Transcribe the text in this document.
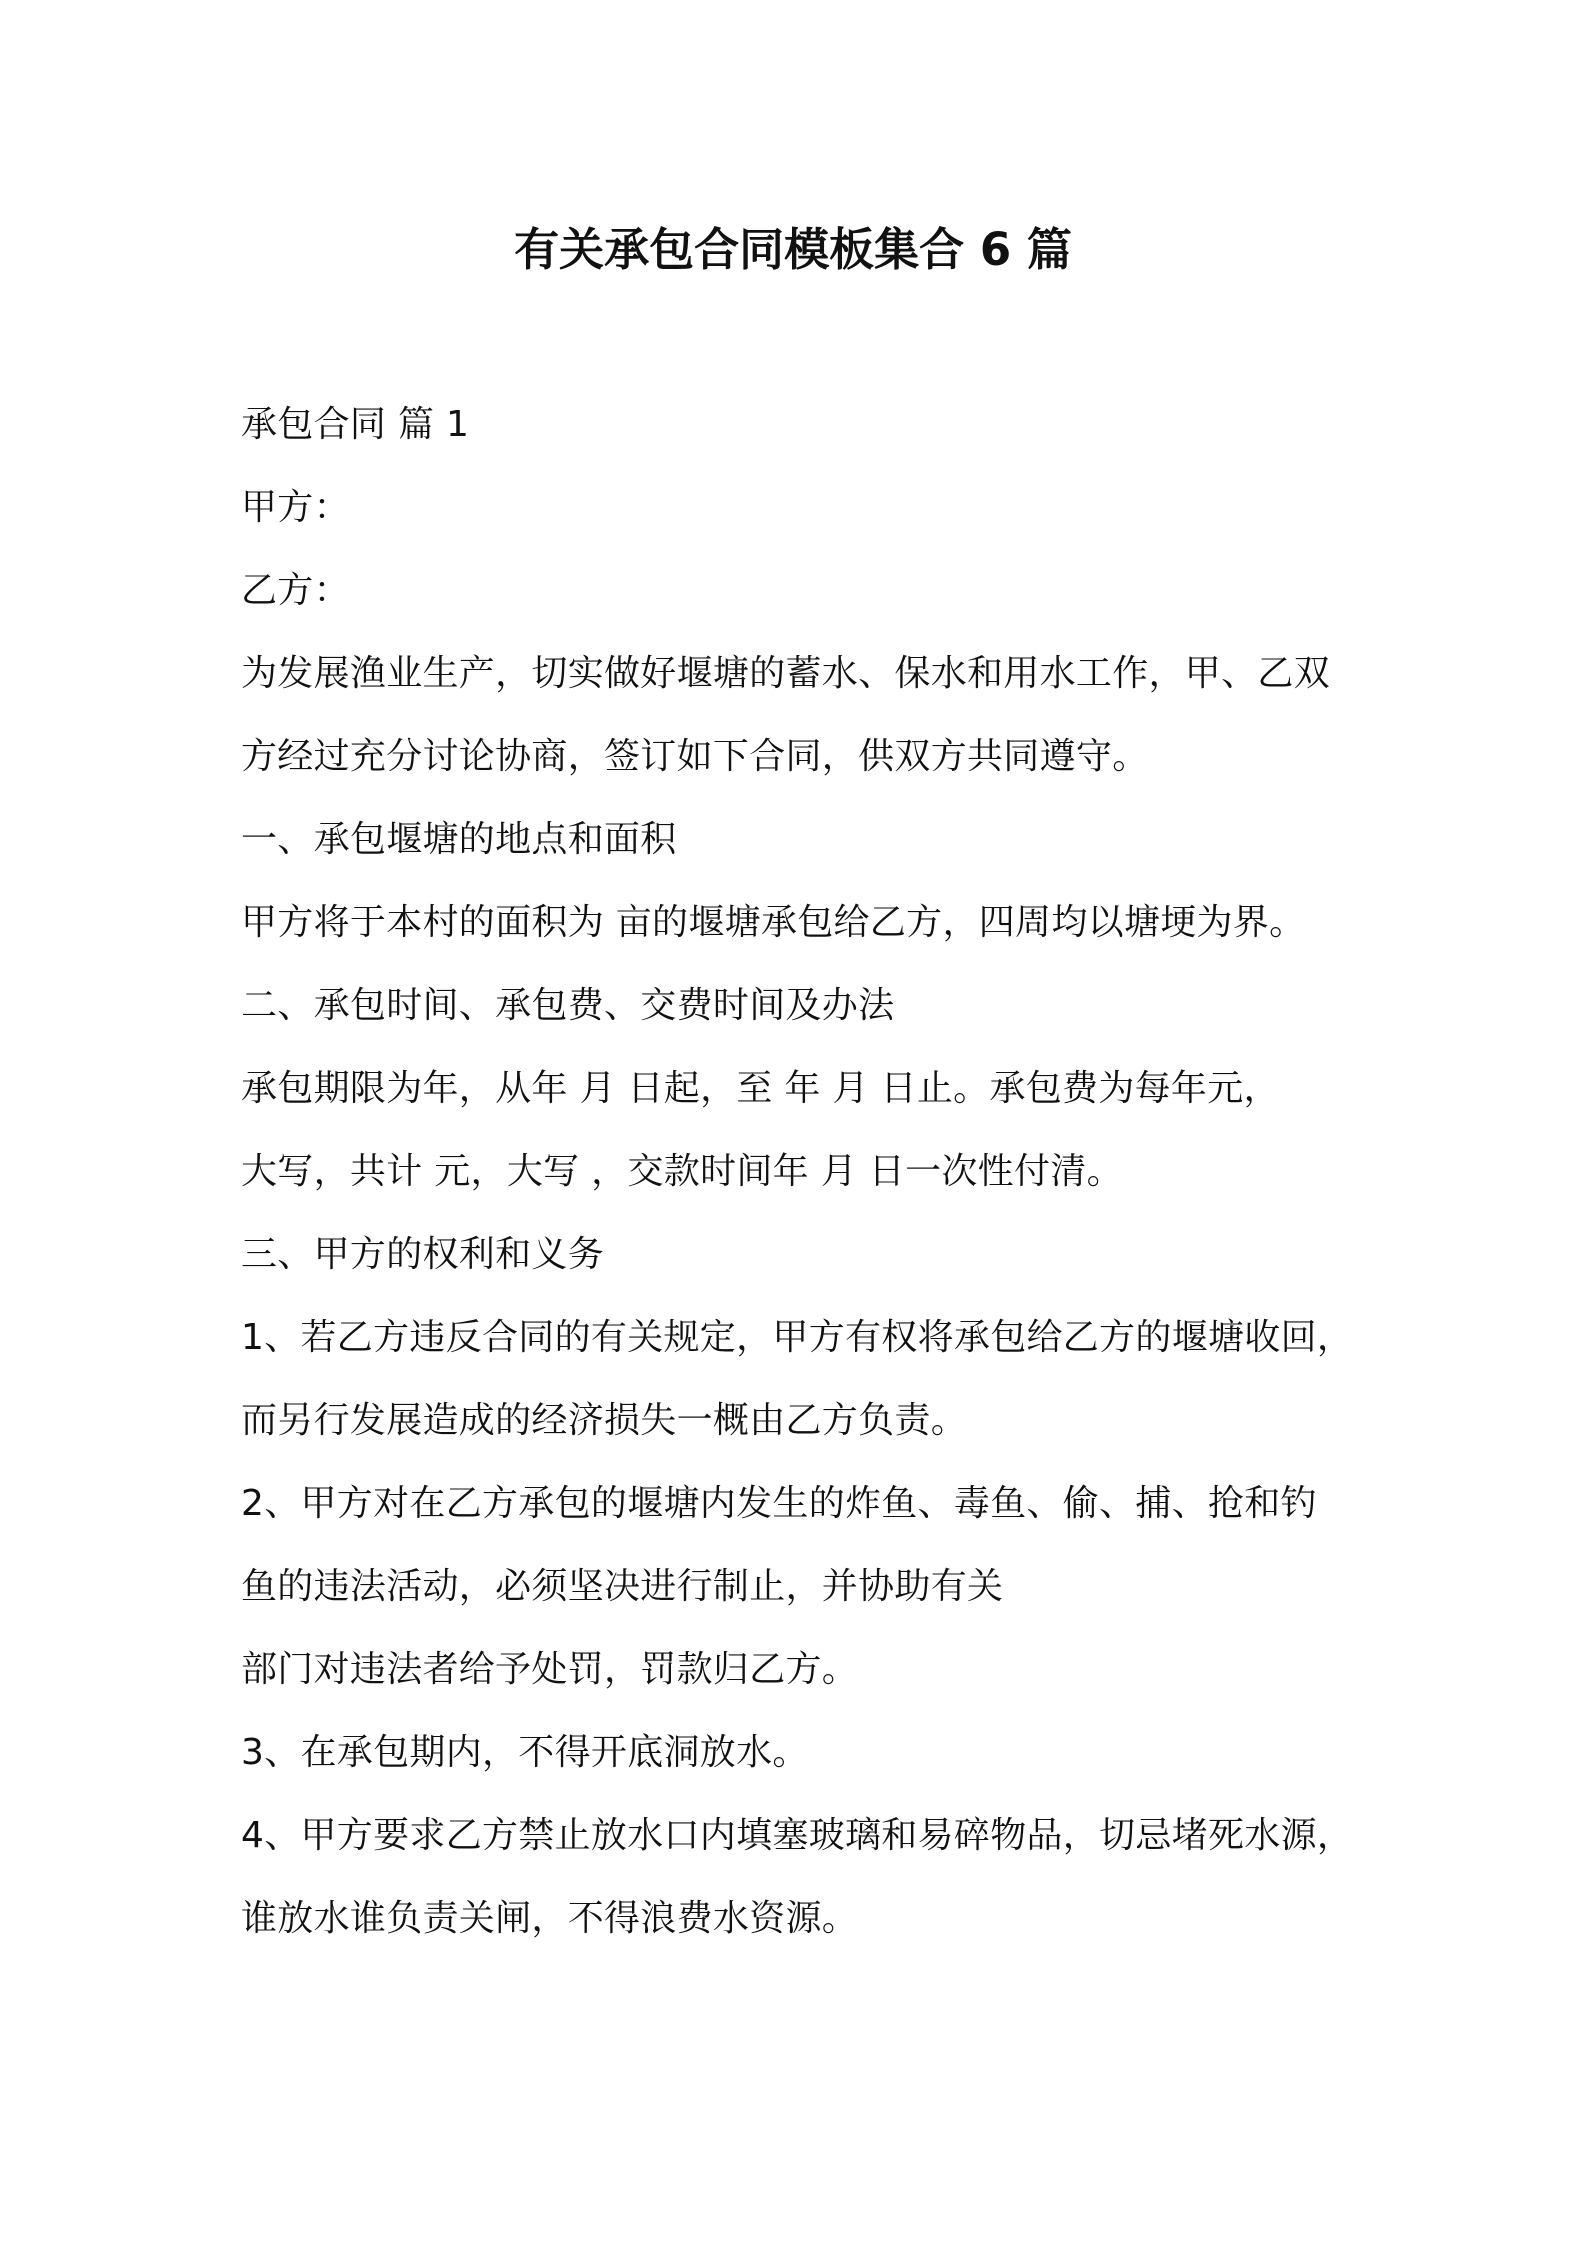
有关承包合同模板集合 6 篇
承包合同 篇 1
甲方：
乙方：
为发展渔业生产，切实做好堰塘的蓄水、保水和用水工作，甲、乙双
方经过充分讨论协商，签订如下合同，供双方共同遵守。
一、承包堰塘的地点和面积
甲方将于本村的面积为 亩的堰塘承包给乙方，四周均以塘埂为界。
二、承包时间、承包费、交费时间及办法
承包期限为年，从年 月 日起，至 年 月 日止。承包费为每年元，
大写，共计 元，大写 ，交款时间年 月 日一次性付清。
三、甲方的权利和义务
1、若乙方违反合同的有关规定，甲方有权将承包给乙方的堰塘收回，
而另行发展造成的经济损失一概由乙方负责。
2、甲方对在乙方承包的堰塘内发生的炸鱼、毒鱼、偷、捕、抢和钓
鱼的违法活动，必须坚决进行制止，并协助有关
部门对违法者给予处罚，罚款归乙方。
3、在承包期内，不得开底洞放水。
4、甲方要求乙方禁止放水口内填塞玻璃和易碎物品，切忌堵死水源，
谁放水谁负责关闸，不得浪费水资源。
